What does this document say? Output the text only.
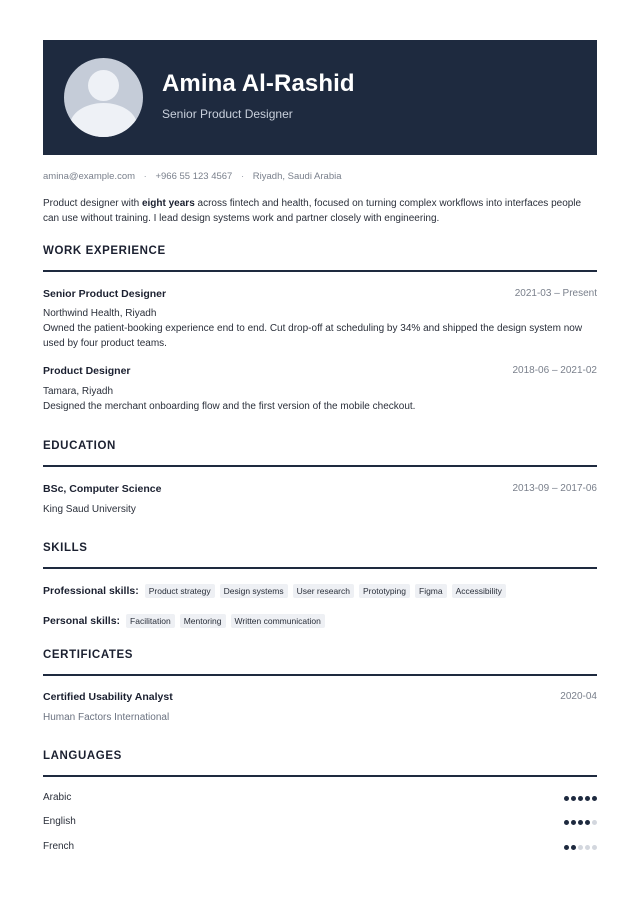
Amina Al-Rashid
Senior Product Designer
amina@example.com · +966 55 123 4567 · Riyadh, Saudi Arabia
Product designer with eight years across fintech and health, focused on turning complex workflows into interfaces people can use without training. I lead design systems work and partner closely with engineering.
WORK EXPERIENCE
Senior Product Designer	2021-03 – Present
Northwind Health, Riyadh
Owned the patient-booking experience end to end. Cut drop-off at scheduling by 34% and shipped the design system now used by four product teams.
Product Designer	2018-06 – 2021-02
Tamara, Riyadh
Designed the merchant onboarding flow and the first version of the mobile checkout.
EDUCATION
BSc, Computer Science	2013-09 – 2017-06
King Saud University
SKILLS
Professional skills:	Product strategy	Design systems	User research	Prototyping	Figma	Accessibility
Personal skills:	Facilitation	Mentoring	Written communication
CERTIFICATES
Certified Usability Analyst	2020-04
Human Factors International
LANGUAGES
Arabic
English
French
